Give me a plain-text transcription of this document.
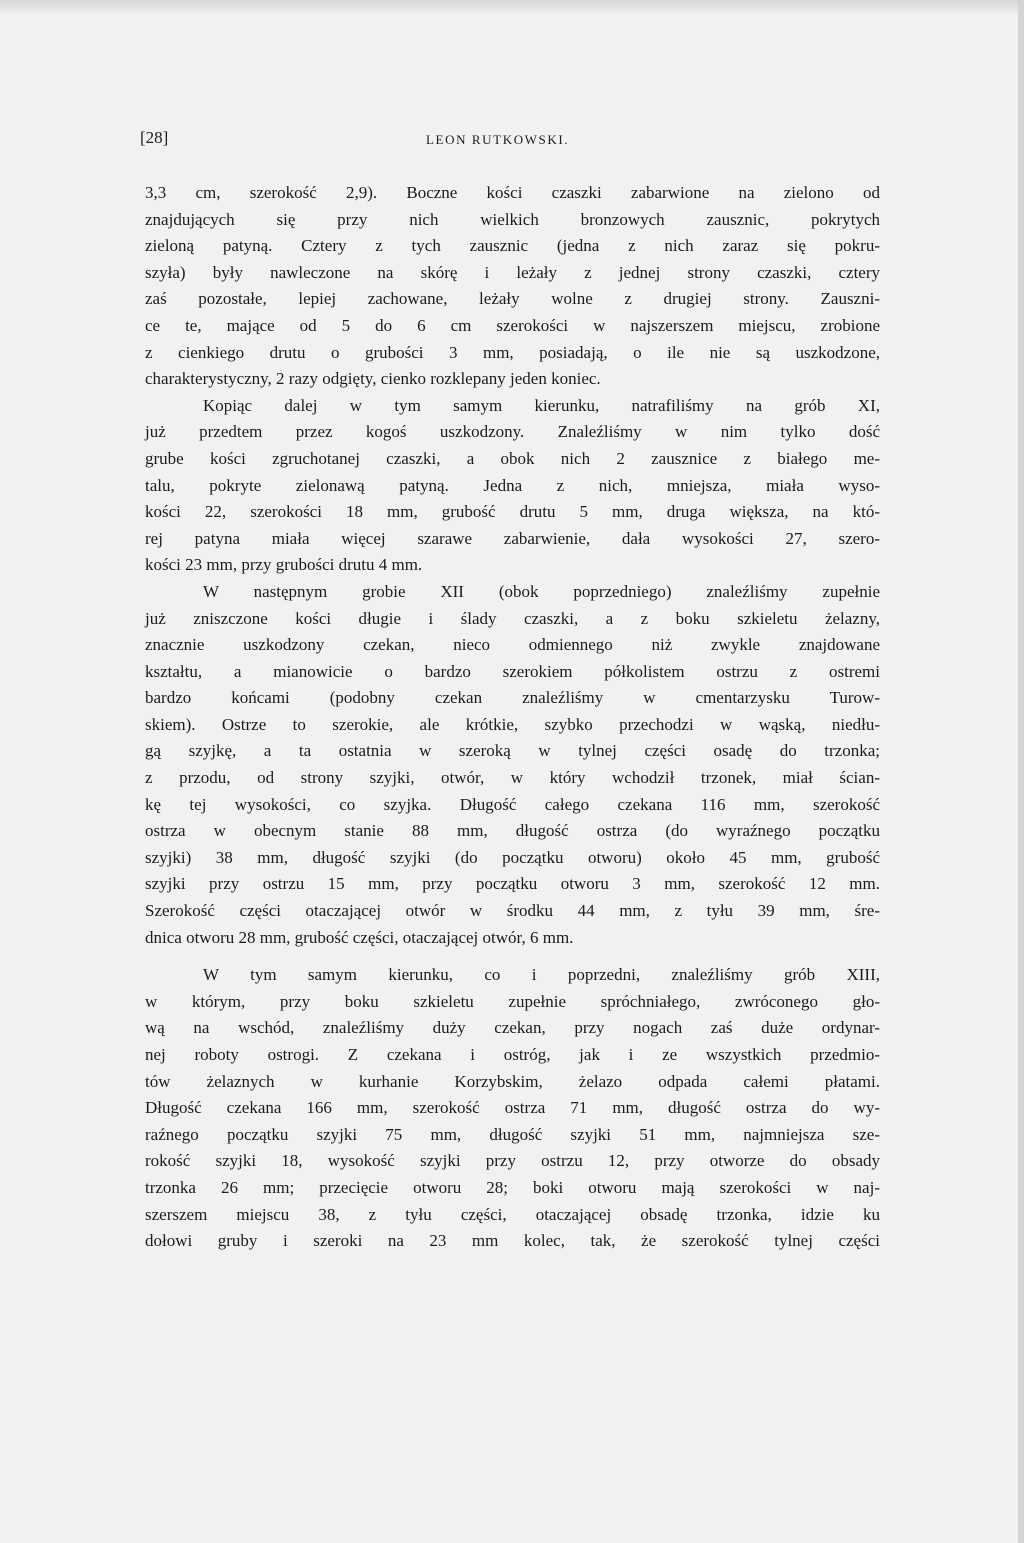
[28]	LEON RUTKOWSKI.
3,3 cm, szerokość 2,9). Boczne kości czaszki zabarwione na zielono od
znajdujących się przy nich wielkich bronzowych zausznic, pokrytych
zieloną patyną. Cztery z tych zausznic (jedna z nich zaraz się pokru-
szyła) były nawleczone na skórę i leżały z jednej strony czaszki, cztery
zaś pozostałe, lepiej zachowane, leżały wolne z drugiej strony. Zauszni-
ce te, mające od 5 do 6 cm szerokości w najszerszem miejscu, zrobione
z cienkiego drutu o grubości 3 mm, posiadają, o ile nie są uszkodzone,
charakterystyczny, 2 razy odgięty, cienko rozklepany jeden koniec.
Kopiąc dalej w tym samym kierunku, natrafiliśmy na grób XI,
już przedtem przez kogoś uszkodzony. Znaleźliśmy w nim tylko dość
grube kości zgruchotanej czaszki, a obok nich 2 zausznice z białego me-
talu, pokryte zielonawą patyną. Jedna z nich, mniejsza, miała wyso-
kości 22, szerokości 18 mm, grubość drutu 5 mm, druga większa, na któ-
rej patyna miała więcej szarawe zabarwienie, dała wysokości 27, szero-
kości 23 mm, przy grubości drutu 4 mm.
W następnym grobie XII (obok poprzedniego) znaleźliśmy zupełnie
już zniszczone kości długie i ślady czaszki, a z boku szkieletu żelazny,
znacznie uszkodzony czekan, nieco odmiennego niż zwykle znajdowane
kształtu, a mianowicie o bardzo szerokiem półkolistem ostrzu z ostremi
bardzo końcami (podobny czekan znaleźliśmy w cmentarzysku Turow-
skiem). Ostrze to szerokie, ale krótkie, szybko przechodzi w wąską, niedłu-
gą szyjkę, a ta ostatnia w szeroką w tylnej części osadę do trzonka;
z przodu, od strony szyjki, otwór, w który wchodził trzonek, miał ścian-
kę tej wysokości, co szyjka. Długość całego czekana 116 mm, szerokość
ostrza w obecnym stanie 88 mm, długość ostrza (do wyraźnego początku
szyjki) 38 mm, długość szyjki (do początku otworu) około 45 mm, grubość
szyjki przy ostrzu 15 mm, przy początku otworu 3 mm, szerokość 12 mm.
Szerokość części otaczającej otwór w środku 44 mm, z tyłu 39 mm, śre-
dnica otworu 28 mm, grubość części, otaczającej otwór, 6 mm.
W tym samym kierunku, co i poprzedni, znaleźliśmy grób XIII,
w którym, przy boku szkieletu zupełnie spróchniałego, zwróconego gło-
wą na wschód, znaleźliśmy duży czekan, przy nogach zaś duże ordynar-
nej roboty ostrogi. Z czekana i ostróg, jak i ze wszystkich przedmio-
tów żelaznych w kurhanie Korzybskim, żelazo odpada całemi płatami.
Długość czekana 166 mm, szerokość ostrza 71 mm, długość ostrza do wy-
raźnego początku szyjki 75 mm, długość szyjki 51 mm, najmniejsza sze-
rokość szyjki 18, wysokość szyjki przy ostrzu 12, przy otworze do obsady
trzonka 26 mm; przecięcie otworu 28; boki otworu mają szerokości w naj-
szerszem miejscu 38, z tyłu części, otaczającej obsadę trzonka, idzie ku
dołowi gruby i szeroki na 23 mm kolec, tak, że szerokość tylnej części
